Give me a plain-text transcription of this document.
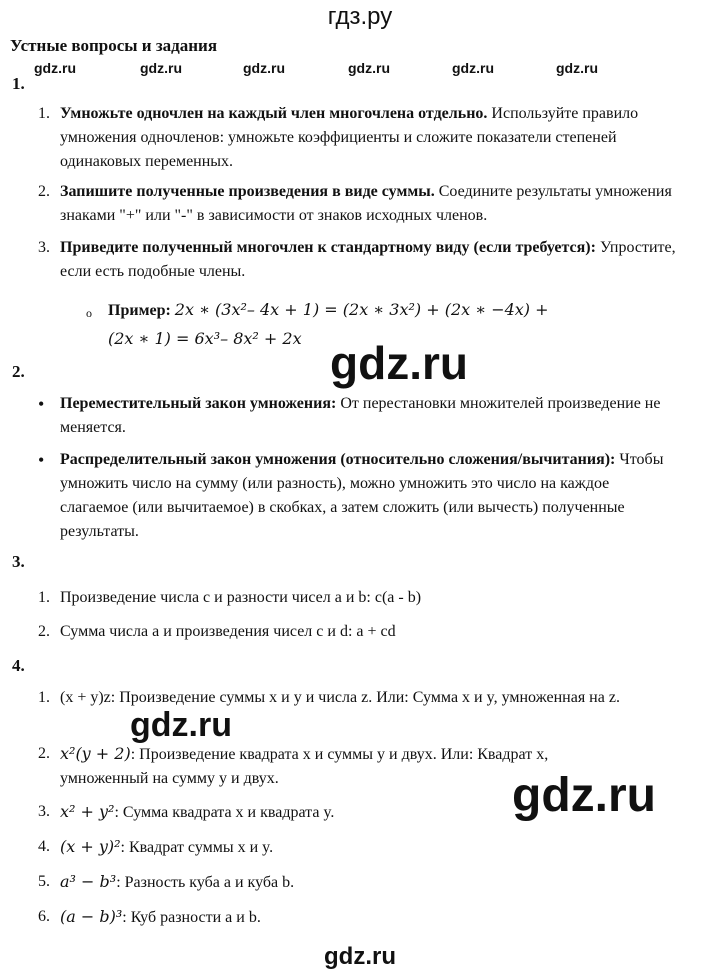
гдз.ру
Устные вопросы и задания
gdz.ru	gdz.ru	gdz.ru	gdz.ru	gdz.ru	gdz.ru
1.
1. Умножьте одночлен на каждый член многочлена отдельно. Используйте правило умножения одночленов: умножьте коэффициенты и сложите показатели степеней одинаковых переменных.
2. Запишите полученные произведения в виде суммы. Соедините результаты умножения знаками "+" или "-" в зависимости от знаков исходных членов.
3. Приведите полученный многочлен к стандартному виду (если требуется): Упростите, если есть подобные члены.
o Пример: 2x ∗ (3x²– 4x + 1) = (2x ∗ 3x²) + (2x ∗ −4x) +
(2x ∗ 1) = 6x³– 8x² + 2x gdz.ru
2.
• Переместительный закон умножения: От перестановки множителей произведение не меняется.
• Распределительный закон умножения (относительно сложения/вычитания): Чтобы умножить число на сумму (или разность), можно умножить это число на каждое слагаемое (или вычитаемое) в скобках, а затем сложить (или вычесть) полученные результаты.
3.
1. Произведение числа c и разности чисел a и b: c(a - b)
2. Сумма числа a и произведения чисел c и d: a + cd
4.
1. (x + y)z: Произведение суммы x и y и числа z. Или: Сумма x и y, умноженная на z.
gdz.ru
2. x²(y + 2): Произведение квадрата x и суммы y и двух. Или: Квадрат x, умноженный на сумму y и двух.	gdz.ru
3. x² + y²: Сумма квадрата x и квадрата y.
4. (x + y)²: Квадрат суммы x и y.
5. a³ − b³: Разность куба a и куба b.
6. (a − b)³: Куб разности a и b.
gdz.ru
